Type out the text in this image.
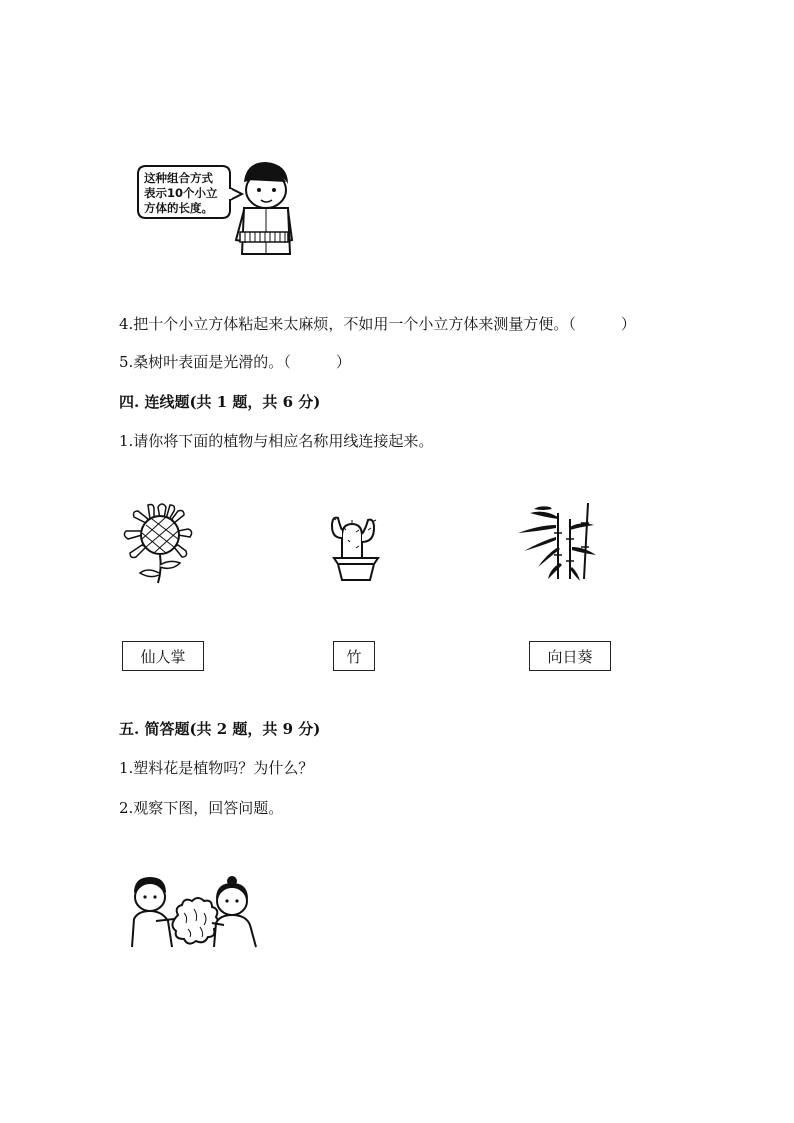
这种组合方式
表示10个小立
方体的长度。
4.把十个小立方体粘起来太麻烦，不如用一个小立方体来测量方便。（　　　）
5.桑树叶表面是光滑的。（　　　）
四. 连线题(共 1 题，共 6 分)
1.请你将下面的植物与相应名称用线连接起来。
仙人掌	竹	向日葵
五. 简答题(共 2 题，共 9 分)
1.塑料花是植物吗？为什么？
2.观察下图，回答问题。
